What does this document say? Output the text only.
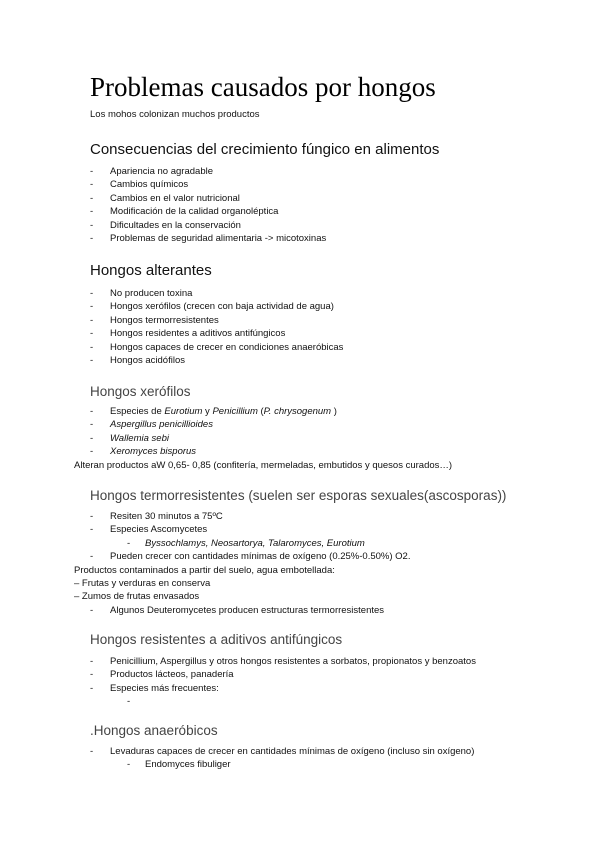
Problemas causados por hongos
Los mohos colonizan muchos productos
Consecuencias del crecimiento fúngico en alimentos
- Apariencia no agradable
- Cambios químicos
- Cambios en el valor nutricional
- Modificación de la calidad organoléptica
- Dificultades en la conservación
- Problemas de seguridad alimentaria -> micotoxinas
Hongos alterantes
- No producen toxina
- Hongos xerófilos (crecen con baja actividad de agua)
- Hongos termorresistentes
- Hongos residentes a aditivos antifúngicos
- Hongos capaces de crecer en condiciones anaeróbicas
- Hongos acidófilos
Hongos xerófilos
- Especies de Eurotium y Penicillium (P. chrysogenum )
- Aspergillus penicillioides
- Wallemia sebi
- Xeromyces bisporus
Alteran productos aW 0,65- 0,85 (confitería, mermeladas, embutidos y quesos curados…)
Hongos termorresistentes (suelen ser esporas sexuales(ascosporas))
- Resiten 30 minutos a 75ºC
- Especies Ascomycetes
- Byssochlamys, Neosartorya, Talaromyces, Eurotium
- Pueden crecer con cantidades mínimas de oxígeno (0.25%-0.50%) O2.
Productos contaminados a partir del suelo, agua embotellada:
– Frutas y verduras en conserva
– Zumos de frutas envasados
- Algunos Deuteromycetes producen estructuras termorresistentes
Hongos resistentes a aditivos antifúngicos
- Penicillium, Aspergillus y otros hongos resistentes a sorbatos, propionatos y benzoatos
- Productos lácteos, panadería
- Especies más frecuentes:
-
.Hongos anaeróbicos
- Levaduras capaces de crecer en cantidades mínimas de oxígeno (incluso sin oxígeno)
- Endomyces fibuliger
